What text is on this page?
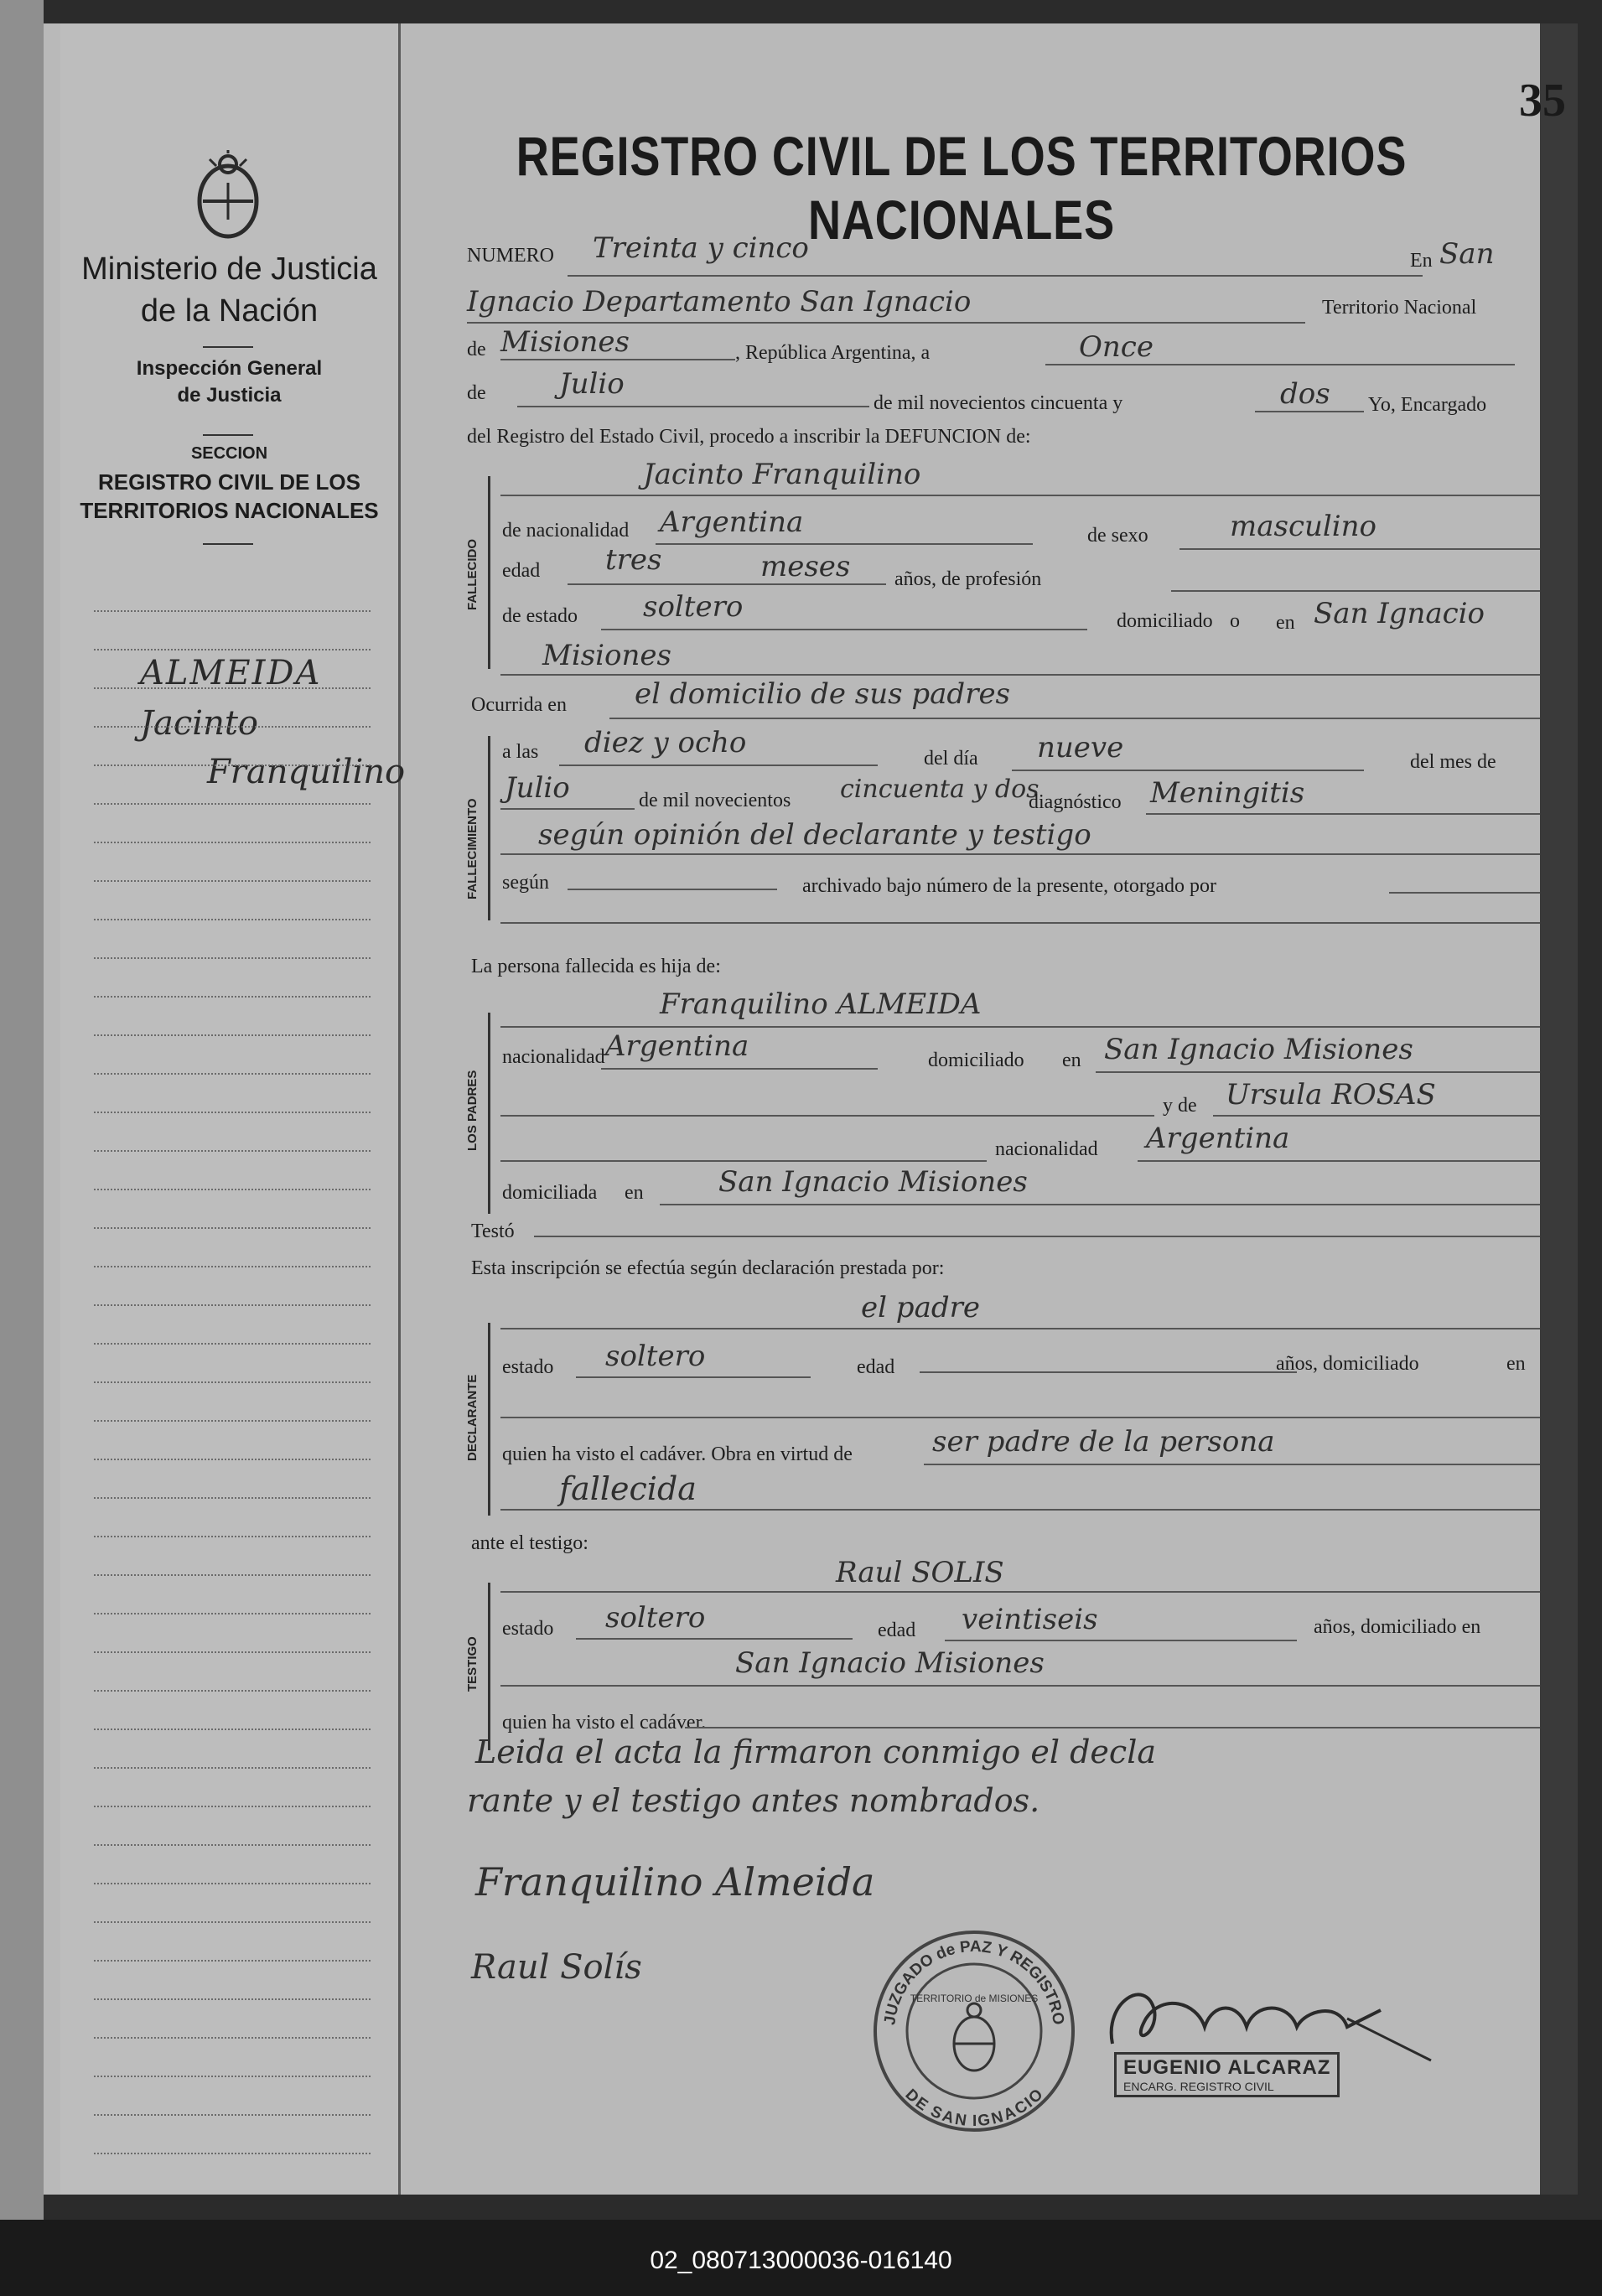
Ministerio de Justicia
de la Nación
Inspección General
de Justicia
SECCION
REGISTRO CIVIL DE LOS
TERRITORIOS NACIONALES
ALMEIDA
Jacinto
Franquilino
REGISTRO CIVIL DE LOS TERRITORIOS NACIONALES
NUMERO Treinta y cinco	En San
Ignacio Departamento San Ignacio	Territorio Nacional
de Misiones	, República Argentina, a	Once
de	Julio
de mil novecientos cincuenta y	dos Yo, Encargado
del Registro del Estado Civil, procedo a inscribir la DEFUNCION de:
FALLECIDO
Jacinto Franquilino
de nacionalidad Argentina	de sexo	masculino
edad tres	meses años, de profesión
de estado soltero	domiciliado o en San Ignacio
Misiones
Ocurrida en el domicilio de sus padres
FALLECIMIENTO
a las diez y ocho	del día nueve	del mes de
Julio	de mil novecientos cincuenta y dos
diagnóstico Meningitis
según opinión del declarante y testigo
según	archivado bajo número de la presente, otorgado por
La persona fallecida es hija de:
LOS PADRES
Franquilino ALMEIDA
nacionalidad Argentina	domiciliado en San Ignacio Misiones
y de Ursula ROSAS
nacionalidad Argentina
domiciliada en	San Ignacio Misiones
Testó
Esta inscripción se efectúa según declaración prestada por:
DECLARANTE
el padre
estado soltero	edad	años, domiciliado	en
quien ha visto el cadáver. Obra en virtud de	ser padre de la persona
fallecida
ante el testigo:
TESTIGO
Raul SOLIS
estado soltero	edad veintiseis	años, domiciliado en
San Ignacio Misiones
quien ha visto el cadáver.
Leida el acta la firmaron conmigo el decla
rante y el testigo antes nombrados.
Franquilino Almeida
Raul Solís
JUZGADO de PAZ Y REGISTRO
DE SAN IGNACIO
TERRITORIO de MISIONES
EUGENIO ALCARAZ
ENCARG. REGISTRO CIVIL
35
02_080713000036-016140
